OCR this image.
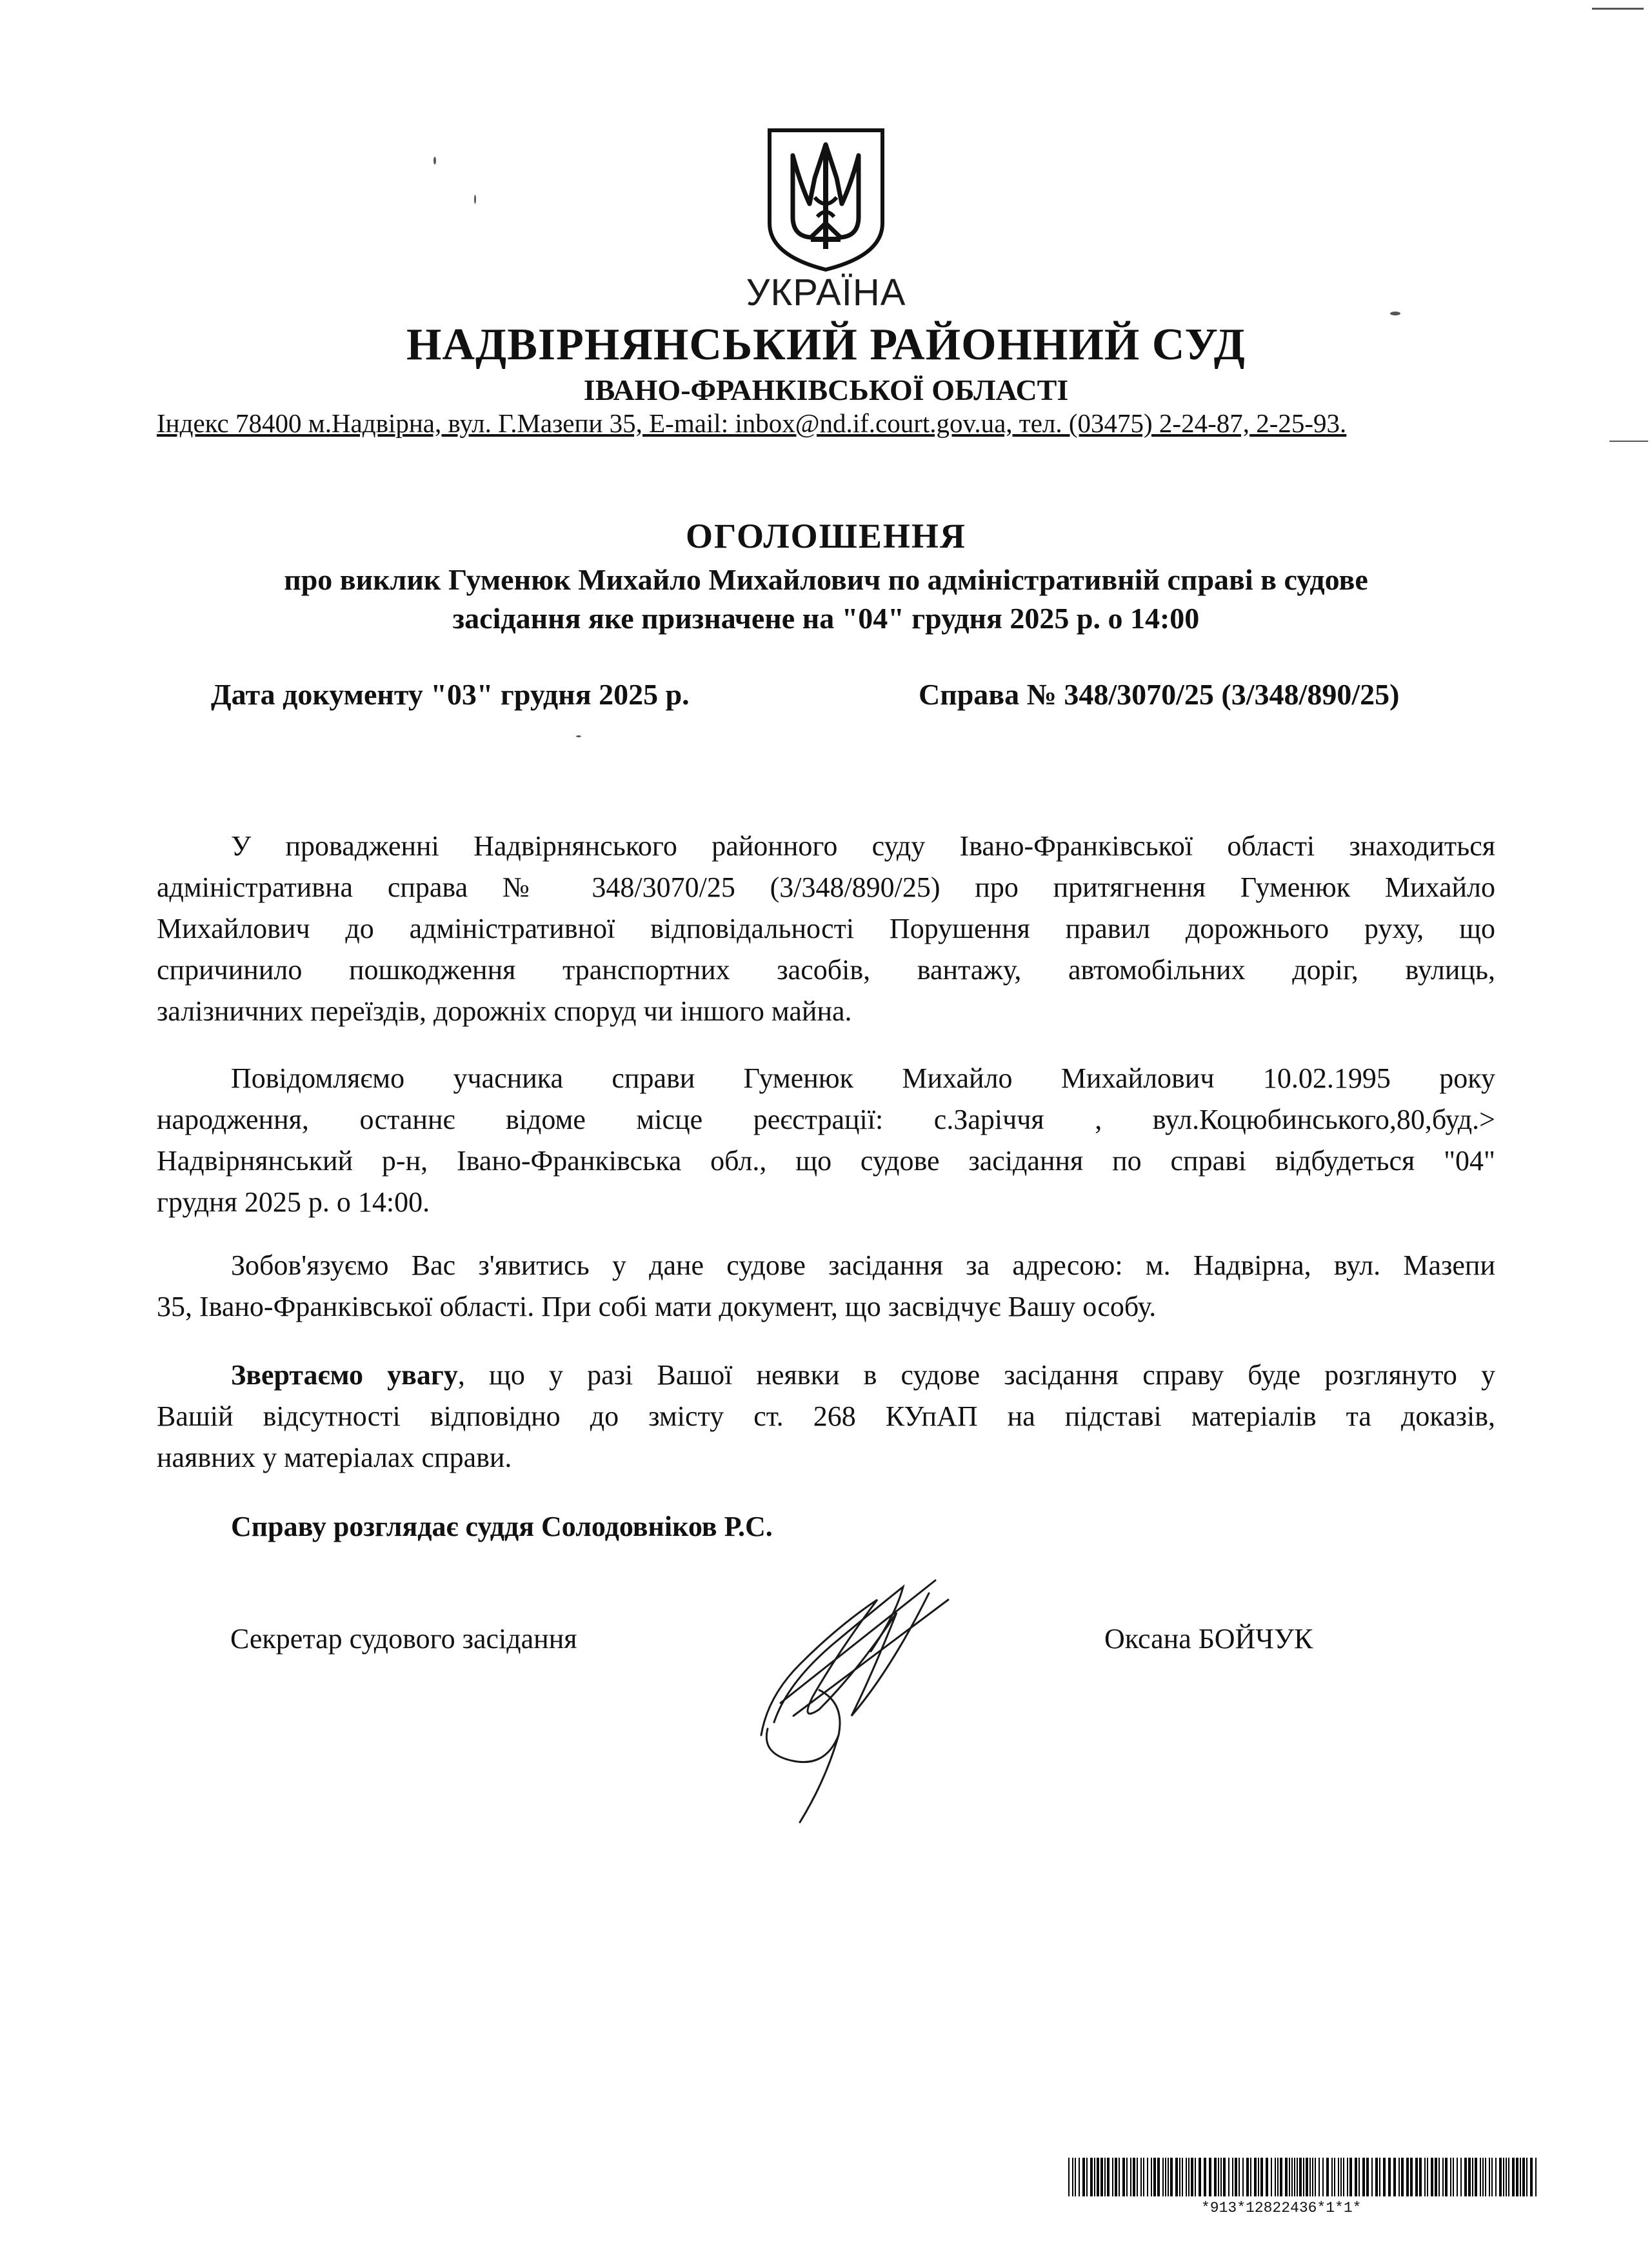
УКРАЇНА
НАДВІРНЯНСЬКИЙ РАЙОННИЙ СУД
ІВАНО-ФРАНКІВСЬКОЇ ОБЛАСТІ
Індекс 78400 м.Надвірна, вул. Г.Мазепи 35, E-mail: inbox@nd.if.court.gov.ua, тел. (03475) 2-24-87, 2-25-93.
ОГОЛОШЕННЯ
про виклик Гуменюк Михайло Михайлович по адміністративній справі в судове
засідання яке призначене на "04" грудня 2025 р. о 14:00
Дата документу "03" грудня 2025 р.	Справа № 348/3070/25 (3/348/890/25)
У провадженні Надвірнянського районного суду Івано-Франківської області знаходиться
адміністративна справа № 348/3070/25 (3/348/890/25) про притягнення Гуменюк Михайло
Михайлович до адміністративної відповідальності Порушення правил дорожнього руху, що
спричинило пошкодження транспортних засобів, вантажу, автомобільних доріг, вулиць,
залізничних переїздів, дорожніх споруд чи іншого майна.
Повідомляємо учасника справи Гуменюк Михайло Михайлович 10.02.1995 року
народження, останнє відоме місце реєстрації: с.Заріччя , вул.Коцюбинського,80,буд.>
Надвірнянський р-н, Івано-Франківська обл., що судове засідання по справі відбудеться "04"
грудня 2025 р. о 14:00.
Зобов'язуємо Вас з'явитись у дане судове засідання за адресою: м. Надвірна, вул. Мазепи
35, Івано-Франківської області. При собі мати документ, що засвідчує Вашу особу.
Звертаємо увагу, що у разі Вашої неявки в судове засідання справу буде розглянуто у
Вашій відсутності відповідно до змісту ст. 268 КУпАП на підставі матеріалів та доказів,
наявних у матеріалах справи.
Справу розглядає суддя Солодовніков Р.С.
Секретар судового засідання	Оксана БОЙЧУК
*913*12822436*1*1*
